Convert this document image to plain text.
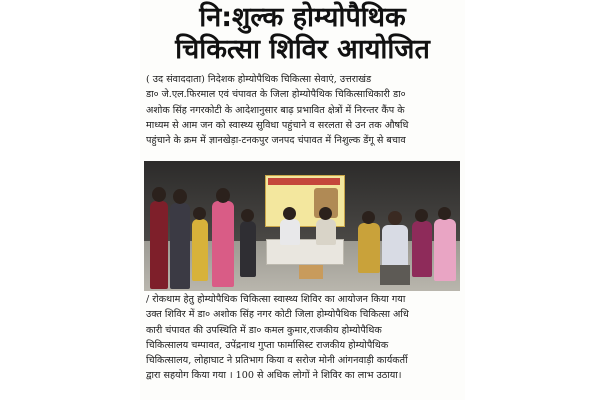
नि:शुल्क होम्योपैथिक
चिकित्सा शिविर आयोजित
( उद संवाददाता) निदेशक होम्योपैथिक चिकित्सा सेवाएं, उत्तराखंड
डा० जे.एल.फिरमाल एवं चंपावत के जिला होम्योपैथिक चिकित्साधिकारी डा०
अशोक सिंह नगरकोटी के आदेशानुसार बाढ़ प्रभावित क्षेत्रों में निरन्तर कैंप के
माध्यम से आम जन को स्वास्थ्य सुविधा पहुंचाने व सरलता से उन तक औषधि
पहुंचाने के क्रम में ज्ञानखेड़ा-टनकपुर जनपद चंपावत में निशुल्क डेंगू से बचाव
/ रोकथाम हेतु होम्योपैथिक चिकित्सा स्वास्थ्य शिविर का आयोजन किया गया
उक्त शिविर में डा० अशोक सिंह नगर कोटी जिला होम्योपैथिक चिकित्सा अधि
कारी चंपावत की उपस्थिति में डा० कमल कुमार,राजकीय होम्योपैथिक
चिकित्सालय चम्पावत, उपेंद्रनाथ गुप्ता फार्मासिस्ट राजकीय होम्योपैथिक
चिकित्सालय, लोहाघाट ने प्रतिभाग किया व सरोज मोनी आंगनवाड़ी कार्यकर्ती
द्वारा सहयोग किया गया । 100 से अधिक लोगों ने शिविर का लाभ उठाया।
